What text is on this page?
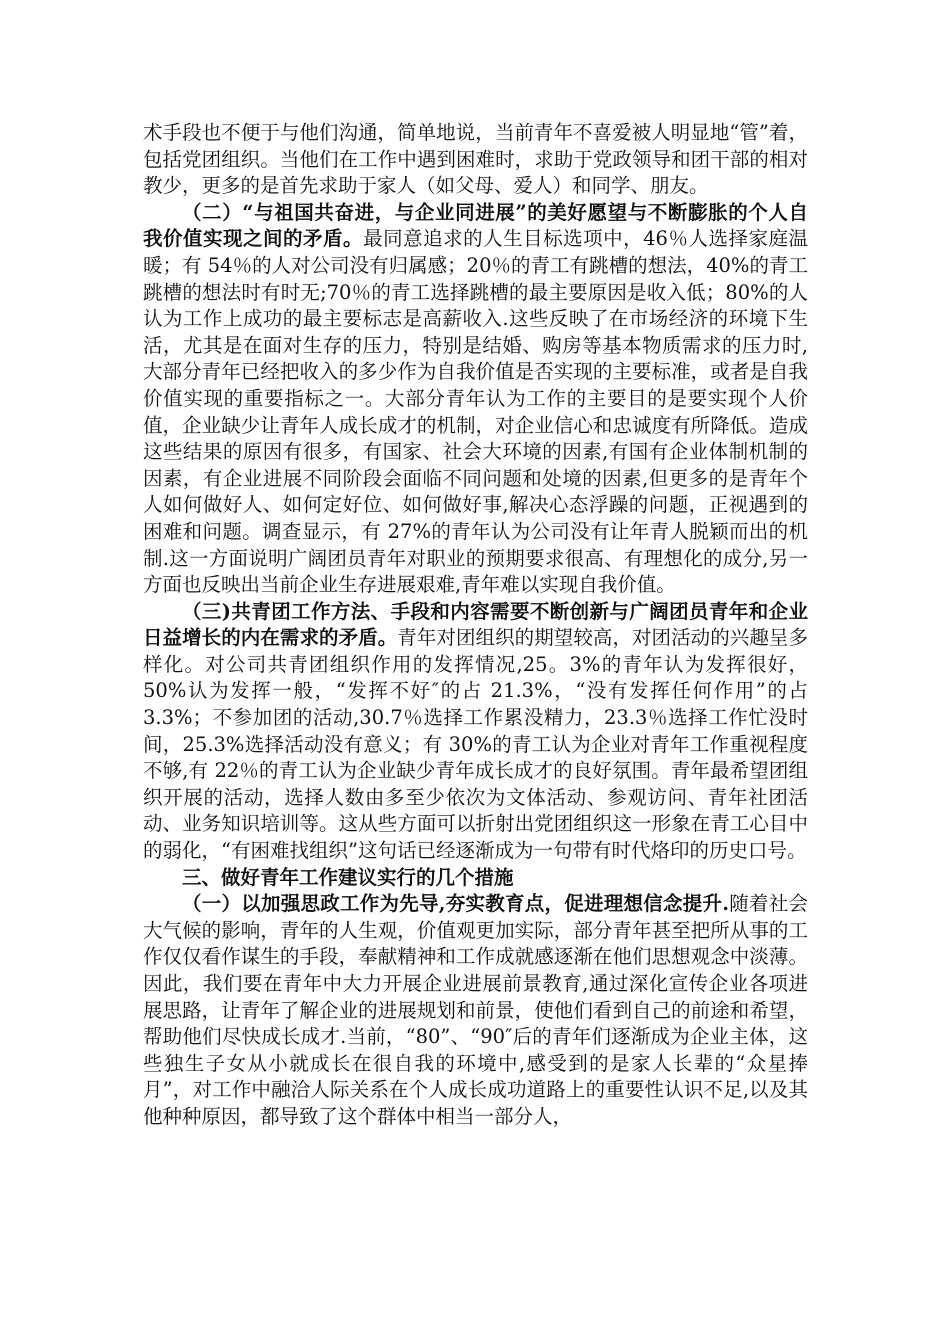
术手段也不便于与他们沟通，简单地说，当前青年不喜爱被人明显地“管”着，包括党团组织。当他们在工作中遇到困难时，求助于党政领导和团干部的相对教少，更多的是首先求助于家人（如父母、爱人）和同学、朋友。

（二）“与祖国共奋进，与企业同进展”的美好愿望与不断膨胀的个人自我价值实现之间的矛盾。最同意追求的人生目标选项中，46％人选择家庭温暖；有 54％的人对公司没有归属感；20％的青工有跳槽的想法，40%的青工跳槽的想法时有时无;70％的青工选择跳槽的最主要原因是收入低；80%的人认为工作上成功的最主要标志是高薪收入.这些反映了在市场经济的环境下生活，尤其是在面对生存的压力，特别是结婚、购房等基本物质需求的压力时,大部分青年已经把收入的多少作为自我价值是否实现的主要标准，或者是自我价值实现的重要指标之一。大部分青年认为工作的主要目的是要实现个人价值，企业缺少让青年人成长成才的机制，对企业信心和忠诚度有所降低。造成这些结果的原因有很多，有国家、社会大环境的因素,有国有企业体制机制的因素，有企业进展不同阶段会面临不同问题和处境的因素,但更多的是青年个人如何做好人、如何定好位、如何做好事,解决心态浮躁的问题，正视遇到的困难和问题。调查显示，有 27%的青年认为公司没有让年青人脱颖而出的机制.这一方面说明广阔团员青年对职业的预期要求很高、有理想化的成分,另一方面也反映出当前企业生存进展艰难,青年难以实现自我价值。

（三)共青团工作方法、手段和内容需要不断创新与广阔团员青年和企业日益增长的内在需求的矛盾。青年对团组织的期望较高，对团活动的兴趣呈多样化。对公司共青团组织作用的发挥情况,25。3%的青年认为发挥很好，50%认为发挥一般，“发挥不好″的占 21.3%，“没有发挥任何作用”的占 3.3%；不参加团的活动,30.7％选择工作累没精力，23.3％选择工作忙没时间，25.3%选择活动没有意义；有 30%的青工认为企业对青年工作重视程度不够,有 22％的青工认为企业缺少青年成长成才的良好氛围。青年最希望团组织开展的活动，选择人数由多至少依次为文体活动、参观访问、青年社团活动、业务知识培训等。这从些方面可以折射出党团组织这一形象在青工心目中的弱化，“有困难找组织”这句话已经逐渐成为一句带有时代烙印的历史口号。

三、做好青年工作建议实行的几个措施

（一）以加强思政工作为先导,夯实教育点，促进理想信念提升.随着社会大气候的影响，青年的人生观，价值观更加实际，部分青年甚至把所从事的工作仅仅看作谋生的手段，奉献精神和工作成就感逐渐在他们思想观念中淡薄。因此，我们要在青年中大力开展企业进展前景教育,通过深化宣传企业各项进展思路，让青年了解企业的进展规划和前景，使他们看到自己的前途和希望，帮助他们尽快成长成才.当前，“80”、“90″后的青年们逐渐成为企业主体，这些独生子女从小就成长在很自我的环境中,感受到的是家人长辈的“众星捧月”，对工作中融洽人际关系在个人成长成功道路上的重要性认识不足,以及其他种种原因，都导致了这个群体中相当一部分人，
